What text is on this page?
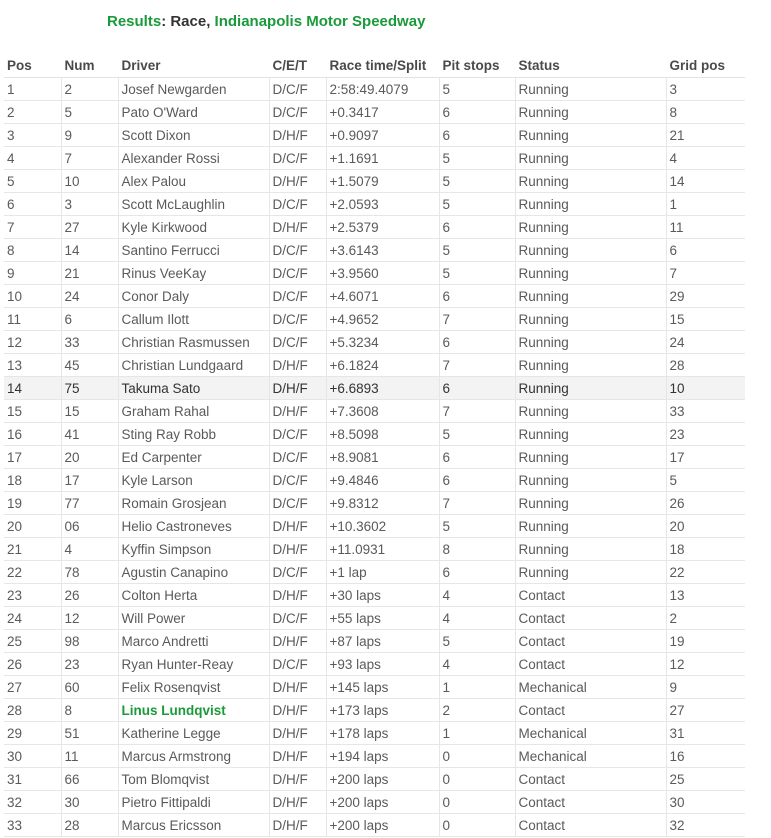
Results: Race, Indianapolis Motor Speedway
Pos	Num	Driver	C/E/T	Race time/Split	Pit stops	Status	Grid pos
1	2	Josef Newgarden	D/C/F	2:58:49.4079	5	Running	3
2	5	Pato O'Ward	D/C/F	+0.3417	6	Running	8
3	9	Scott Dixon	D/H/F	+0.9097	6	Running	21
4	7	Alexander Rossi	D/C/F	+1.1691	5	Running	4
5	10	Alex Palou	D/H/F	+1.5079	5	Running	14
6	3	Scott McLaughlin	D/C/F	+2.0593	5	Running	1
7	27	Kyle Kirkwood	D/H/F	+2.5379	6	Running	11
8	14	Santino Ferrucci	D/C/F	+3.6143	5	Running	6
9	21	Rinus VeeKay	D/C/F	+3.9560	5	Running	7
10	24	Conor Daly	D/C/F	+4.6071	6	Running	29
11	6	Callum Ilott	D/C/F	+4.9652	7	Running	15
12	33	Christian Rasmussen	D/C/F	+5.3234	6	Running	24
13	45	Christian Lundgaard	D/H/F	+6.1824	7	Running	28
14	75	Takuma Sato	D/H/F	+6.6893	6	Running	10
15	15	Graham Rahal	D/H/F	+7.3608	7	Running	33
16	41	Sting Ray Robb	D/C/F	+8.5098	5	Running	23
17	20	Ed Carpenter	D/C/F	+8.9081	6	Running	17
18	17	Kyle Larson	D/C/F	+9.4846	6	Running	5
19	77	Romain Grosjean	D/C/F	+9.8312	7	Running	26
20	06	Helio Castroneves	D/H/F	+10.3602	5	Running	20
21	4	Kyffin Simpson	D/H/F	+11.0931	8	Running	18
22	78	Agustin Canapino	D/C/F	+1 lap	6	Running	22
23	26	Colton Herta	D/H/F	+30 laps	4	Contact	13
24	12	Will Power	D/C/F	+55 laps	4	Contact	2
25	98	Marco Andretti	D/H/F	+87 laps	5	Contact	19
26	23	Ryan Hunter-Reay	D/C/F	+93 laps	4	Contact	12
27	60	Felix Rosenqvist	D/H/F	+145 laps	1	Mechanical	9
28	8	Linus Lundqvist	D/H/F	+173 laps	2	Contact	27
29	51	Katherine Legge	D/H/F	+178 laps	1	Mechanical	31
30	11	Marcus Armstrong	D/H/F	+194 laps	0	Mechanical	16
31	66	Tom Blomqvist	D/H/F	+200 laps	0	Contact	25
32	30	Pietro Fittipaldi	D/H/F	+200 laps	0	Contact	30
33	28	Marcus Ericsson	D/H/F	+200 laps	0	Contact	32
